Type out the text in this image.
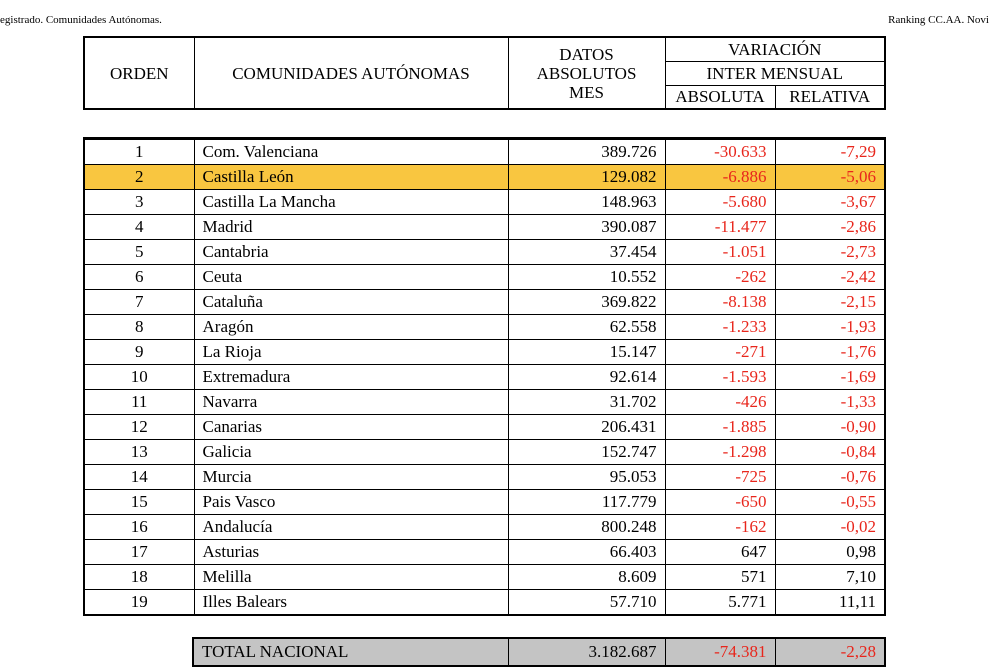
egistrado. Comunidades Autónomas.	Ranking CC.AA. Novi
ORDEN	COMUNIDADES AUTÓNOMAS	DATOS
ABSOLUTOS
MES	VARIACIÓN	
			INTER MENSUAL	
			ABSOLUTA	RELATIVA
1	Com. Valenciana	389.726	-30.633	-7,29
2	Castilla León	129.082	-6.886	-5,06
3	Castilla La Mancha	148.963	-5.680	-3,67
4	Madrid	390.087	-11.477	-2,86
5	Cantabria	37.454	-1.051	-2,73
6	Ceuta	10.552	-262	-2,42
7	Cataluña	369.822	-8.138	-2,15
8	Aragón	62.558	-1.233	-1,93
9	La Rioja	15.147	-271	-1,76
10	Extremadura	92.614	-1.593	-1,69
11	Navarra	31.702	-426	-1,33
12	Canarias	206.431	-1.885	-0,90
13	Galicia	152.747	-1.298	-0,84
14	Murcia	95.053	-725	-0,76
15	Pais Vasco	117.779	-650	-0,55
16	Andalucía	800.248	-162	-0,02
17	Asturias	66.403	647	0,98
18	Melilla	8.609	571	7,10
19	Illes Balears	57.710	5.771	11,11
TOTAL NACIONAL	3.182.687	-74.381	-2,28
